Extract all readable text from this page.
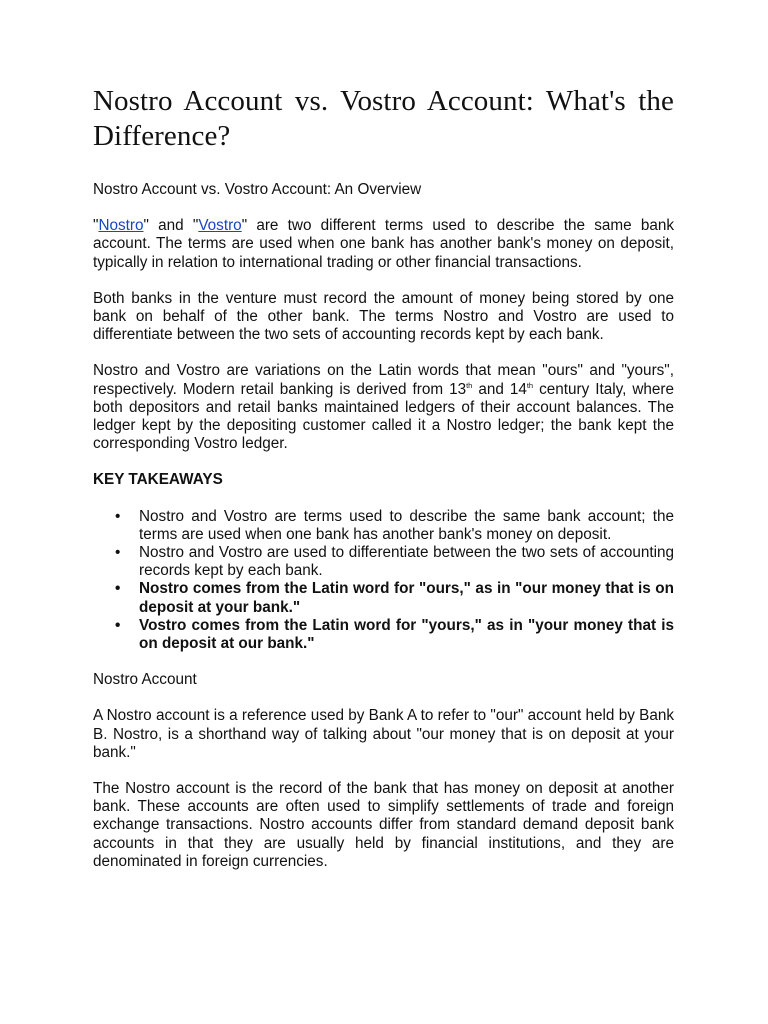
Nostro Account vs. Vostro Account: What's the Difference?
Nostro Account vs. Vostro Account: An Overview

"Nostro" and "Vostro" are two different terms used to describe the same bank account. The terms are used when one bank has another bank's money on deposit, typically in relation to international trading or other financial transactions.

Both banks in the venture must record the amount of money being stored by one bank on behalf of the other bank. The terms Nostro and Vostro are used to differentiate between the two sets of accounting records kept by each bank.

Nostro and Vostro are variations on the Latin words that mean "ours" and "yours", respectively. Modern retail banking is derived from 13th and 14th century Italy, where both depositors and retail banks maintained ledgers of their account balances. The ledger kept by the depositing customer called it a Nostro ledger; the bank kept the corresponding Vostro ledger.

KEY TAKEAWAYS
• Nostro and Vostro are terms used to describe the same bank account; the terms are used when one bank has another bank's money on deposit.
• Nostro and Vostro are used to differentiate between the two sets of accounting records kept by each bank.
• Nostro comes from the Latin word for "ours," as in "our money that is on deposit at your bank."
• Vostro comes from the Latin word for "yours," as in "your money that is on deposit at our bank."
Nostro Account

A Nostro account is a reference used by Bank A to refer to "our" account held by Bank B. Nostro, is a shorthand way of talking about "our money that is on deposit at your bank."

The Nostro account is the record of the bank that has money on deposit at another bank. These accounts are often used to simplify settlements of trade and foreign exchange transactions. Nostro accounts differ from standard demand deposit bank accounts in that they are usually held by financial institutions, and they are denominated in foreign currencies.
